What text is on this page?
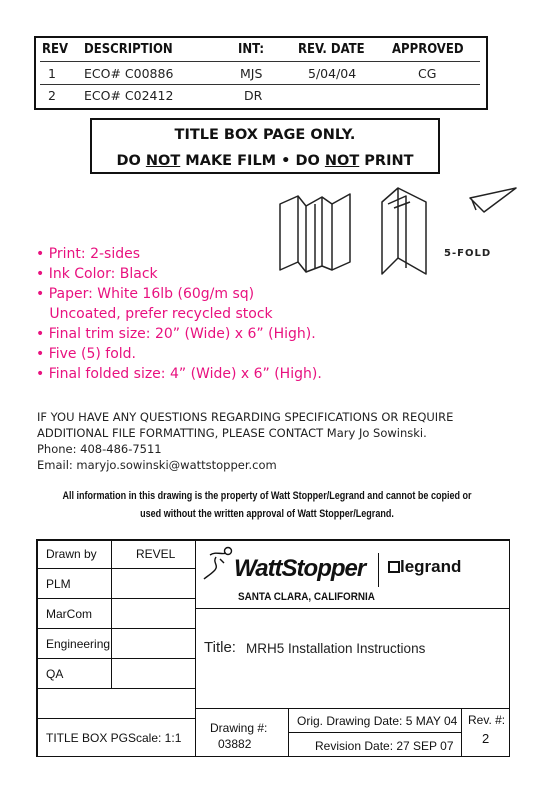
REV DESCRIPTION	INT:	REV. DATE APPROVED
1 ECO# C00886	MJS	5/04/04	CG
2 ECO# C02412	DR
TITLE BOX PAGE ONLY.
DO NOT MAKE FILM • DO NOT PRINT
5-FOLD
• Print: 2-sides
• Ink Color: Black
• Paper: White 16lb (60g/m sq)
Uncoated, prefer recycled stock
• Final trim size: 20” (Wide) x 6” (High).
• Five (5) fold.
• Final folded size: 4” (Wide) x 6” (High).
IF YOU HAVE ANY QUESTIONS REGARDING SPECIFICATIONS OR REQUIRE
ADDITIONAL FILE FORMATTING, PLEASE CONTACT Mary Jo Sowinski.
Phone: 408-486-7511
Email: maryjo.sowinski@wattstopper.com
All information in this drawing is the property of Watt Stopper/Legrand and cannot be copied or
used without the written approval of Watt Stopper/Legrand.
Drawn by	REVEL
PLM
MarCom
Engineering
QA
TITLE BOX PG Scale: 1:1
WattStopper legrand
SANTA CLARA, CALIFORNIA
Title: MRH5 Installation Instructions
Drawing #:
03882
Orig. Drawing Date: 5 MAY 04
Revision Date: 27 SEP 07
Rev. #:
2
